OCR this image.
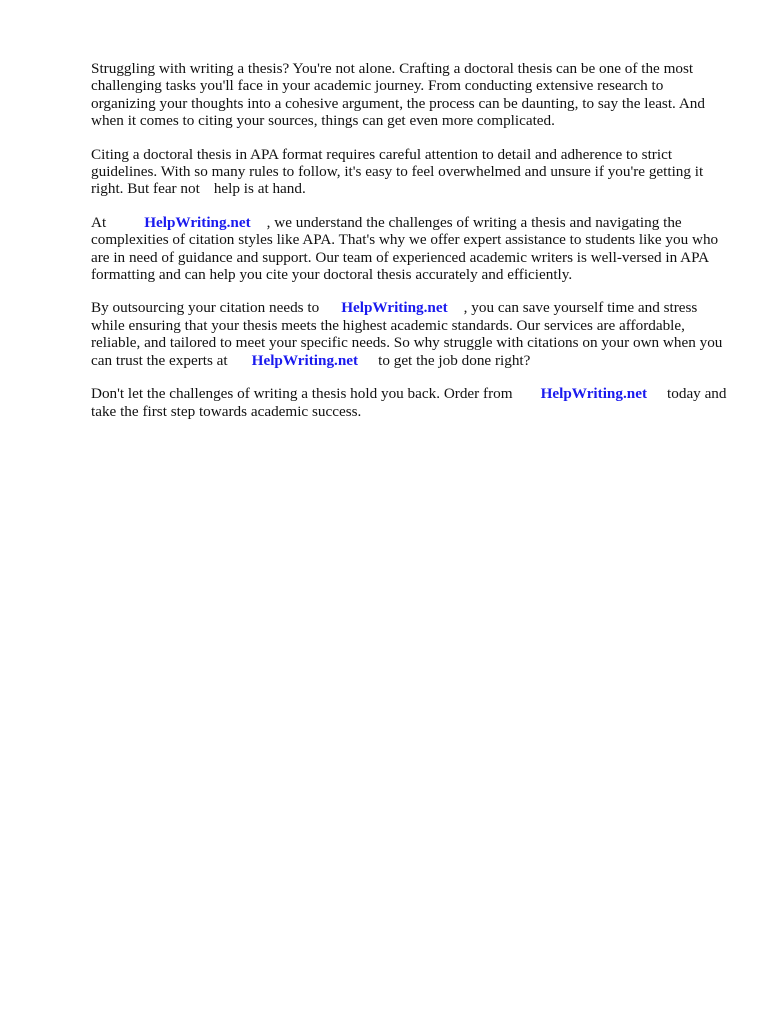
Struggling with writing a thesis? You're not alone. Crafting a doctoral thesis can be one of the most challenging tasks you'll face in your academic journey. From conducting extensive research to organizing your thoughts into a cohesive argument, the process can be daunting, to say the least. And when it comes to citing your sources, things can get even more complicated.

Citing a doctoral thesis in APA format requires careful attention to detail and adherence to strict guidelines. With so many rules to follow, it's easy to feel overwhelmed and unsure if you're getting it right. But fear not help is at hand.

At	HelpWriting.net , we understand the challenges of writing a thesis and navigating the complexities of citation styles like APA. That's why we offer expert assistance to students like you who are in need of guidance and support. Our team of experienced academic writers is well-versed in APA formatting and can help you cite your doctoral thesis accurately and efficiently.

By outsourcing your citation needs to HelpWriting.net , you can save yourself time and stress while ensuring that your thesis meets the highest academic standards. Our services are affordable, reliable, and tailored to meet your specific needs. So why struggle with citations on your own when you can trust the experts at HelpWriting.net to get the job done right?

Don't let the challenges of writing a thesis hold you back. Order from HelpWriting.net today and take the first step towards academic success.
